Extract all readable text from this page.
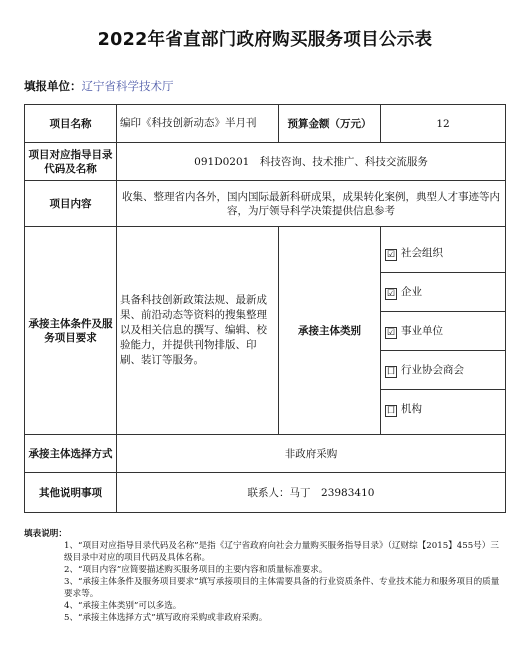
2022年省直部门政府购买服务项目公示表
填报单位：辽宁省科学技术厅
项目名称	编印《科技创新动态》半月刊	预算金额（万元）	12
项目对应指导目录代码及名称	091D0201　科技咨询、技术推广、科技交流服务
项目内容	收集、整理省内各外，国内国际最新科研成果，成果转化案例，典型人才事迹等内容，为厅领导科学决策提供信息参考
承接主体条件及服务项目要求	具备科技创新政策法规、最新成果、前沿动态等资料的搜集整理以及相关信息的撰写、编辑、校验能力，并提供刊物排版、印刷、装订等服务。	承接主体类别	
☑ 社会组织
☑ 企业
☑ 事业单位
口 行业协会商会
口 机构

承接主体选择方式	非政府采购
其他说明事项	联系人：马丁　23983410
填表说明：
1、“项目对应指导目录代码及名称”是指《辽宁省政府向社会力量购买服务指导目录》（辽财综【2015】455号）三级目录中对应的项目代码及具体名称。
2、“项目内容”应简要描述购买服务项目的主要内容和质量标准要求。
3、“承接主体条件及服务项目要求”填写承接项目的主体需要具备的行业资质条件、专业技术能力和服务项目的质量要求等。
4、“承接主体类别”可以多选。
5、“承接主体选择方式”填写政府采购或非政府采购。
